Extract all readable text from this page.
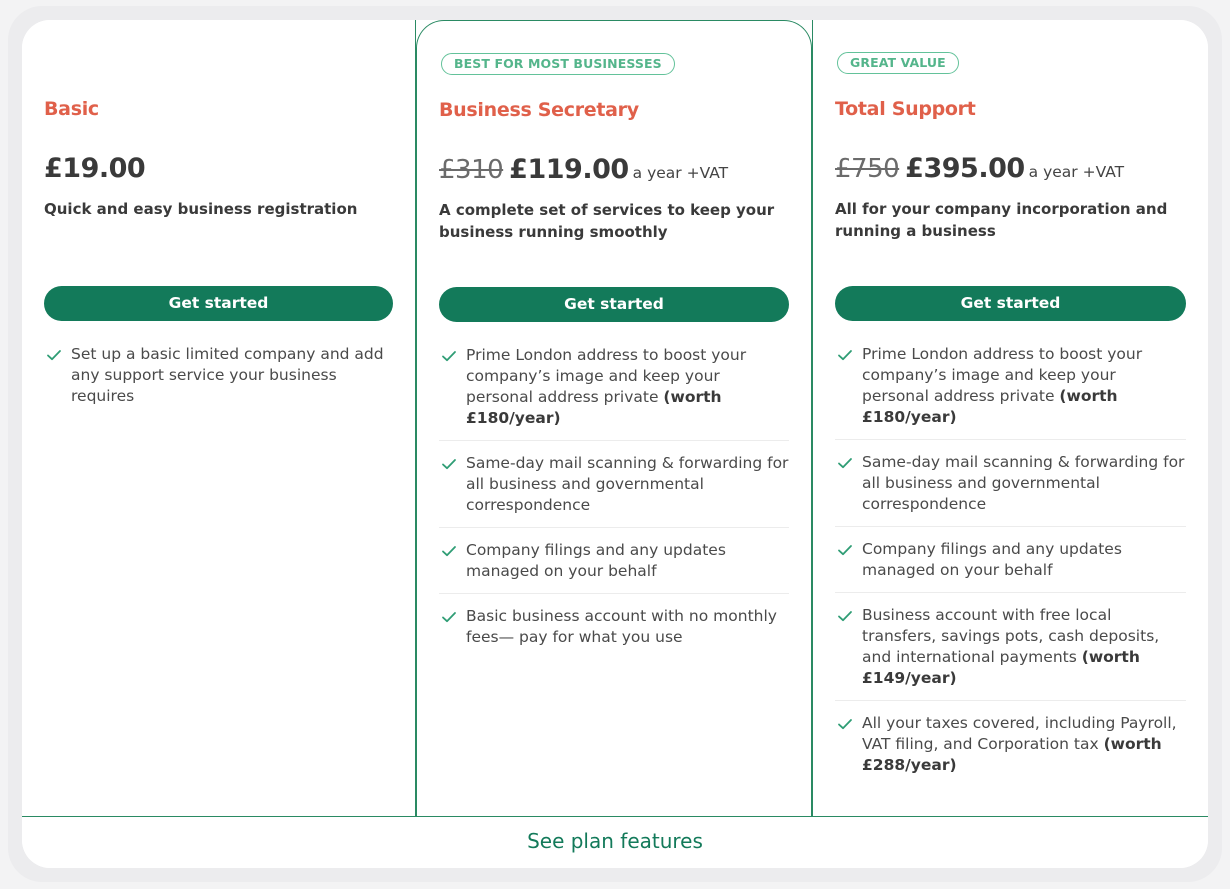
Basic
£19.00
Quick and easy business registration
Get started
Set up a basic limited company and add any support service your business requires
BEST FOR MOST BUSINESSES
Business Secretary
£310 £119.00 a year +VAT
A complete set of services to keep your business running smoothly
Get started
Prime London address to boost your company’s image and keep your personal address private (worth £180/year)
Same-day mail scanning & forwarding for all business and governmental correspondence
Company filings and any updates managed on your behalf
Basic business account with no monthly fees— pay for what you use
GREAT VALUE
Total Support
£750 £395.00 a year +VAT
All for your company incorporation and running a business
Get started
Prime London address to boost your company’s image and keep your personal address private (worth £180/year)
Same-day mail scanning & forwarding for all business and governmental correspondence
Company filings and any updates managed on your behalf
Business account with free local transfers, savings pots, cash deposits, and international payments (worth £149/year)
All your taxes covered, including Payroll, VAT filing, and Corporation tax (worth £288/year)
See plan features
